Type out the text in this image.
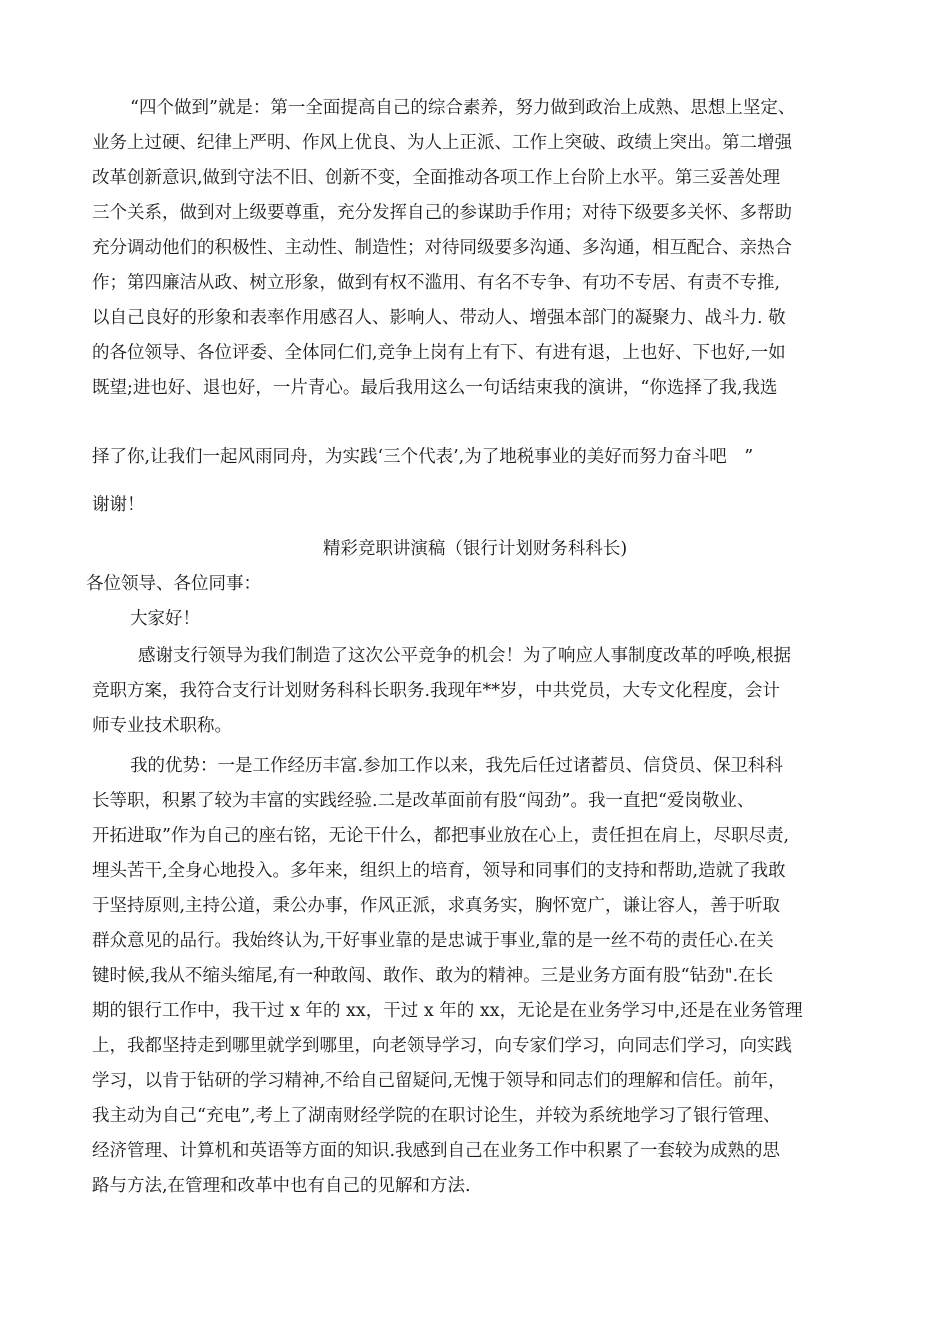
“四个做到”就是：第一全面提高自己的综合素养，努力做到政治上成熟、思想上坚定、

业务上过硬、纪律上严明、作风上优良、为人上正派、工作上突破、政绩上突出。第二增强

改革创新意识,做到守法不旧、创新不变，全面推动各项工作上台阶上水平。第三妥善处理

三个关系，做到对上级要尊重，充分发挥自己的参谋助手作用；对待下级要多关怀、多帮助

充分调动他们的积极性、主动性、制造性；对待同级要多沟通、多沟通，相互配合、亲热合

作；第四廉洁从政、树立形象，做到有权不滥用、有名不专争、有功不专居、有责不专推,

以自己良好的形象和表率作用感召人、影响人、带动人、增强本部门的凝聚力、战斗力. 敬

的各位领导、各位评委、全体同仁们,竞争上岗有上有下、有进有退，上也好、下也好,一如

既望;进也好、退也好，一片青心。最后我用这么一句话结束我的演讲，“你选择了我,我选

择了你,让我们一起风雨同舟，为实践‘三个代表’,为了地税事业的美好而努力奋斗吧　”

谢谢！

精彩竞职讲演稿（银行计划财务科科长)

各位领导、各位同事：

大家好！

感谢支行领导为我们制造了这次公平竞争的机会！为了响应人事制度改革的呼唤,根据

竞职方案，我符合支行计划财务科科长职务.我现年**岁，中共党员，大专文化程度，会计

师专业技术职称。

我的优势：一是工作经历丰富.参加工作以来，我先后任过诸蓄员、信贷员、保卫科科

长等职，积累了较为丰富的实践经验.二是改革面前有股“闯劲”。我一直把“爱岗敬业、

开拓进取”作为自己的座右铭，无论干什么，都把事业放在心上，责任担在肩上，尽职尽责,

埋头苦干,全身心地投入。多年来，组织上的培育，领导和同事们的支持和帮助,造就了我敢

于坚持原则,主持公道，秉公办事，作风正派，求真务实，胸怀宽广，谦让容人，善于听取

群众意见的品行。我始终认为,干好事业靠的是忠诚于事业,靠的是一丝不苟的责任心.在关

键时候,我从不缩头缩尾,有一种敢闯、敢作、敢为的精神。三是业务方面有股“钻劲".在长

期的银行工作中，我干过 x 年的 xx，干过 x 年的 xx，无论是在业务学习中,还是在业务管理

上，我都坚持走到哪里就学到哪里，向老领导学习，向专家们学习，向同志们学习，向实践

学习，以肯于钻研的学习精神,不给自己留疑问,无愧于领导和同志们的理解和信任。前年，

我主动为自己“充电”,考上了湖南财经学院的在职讨论生，并较为系统地学习了银行管理、

经济管理、计算机和英语等方面的知识.我感到自己在业务工作中积累了一套较为成熟的思

路与方法,在管理和改革中也有自己的见解和方法.
